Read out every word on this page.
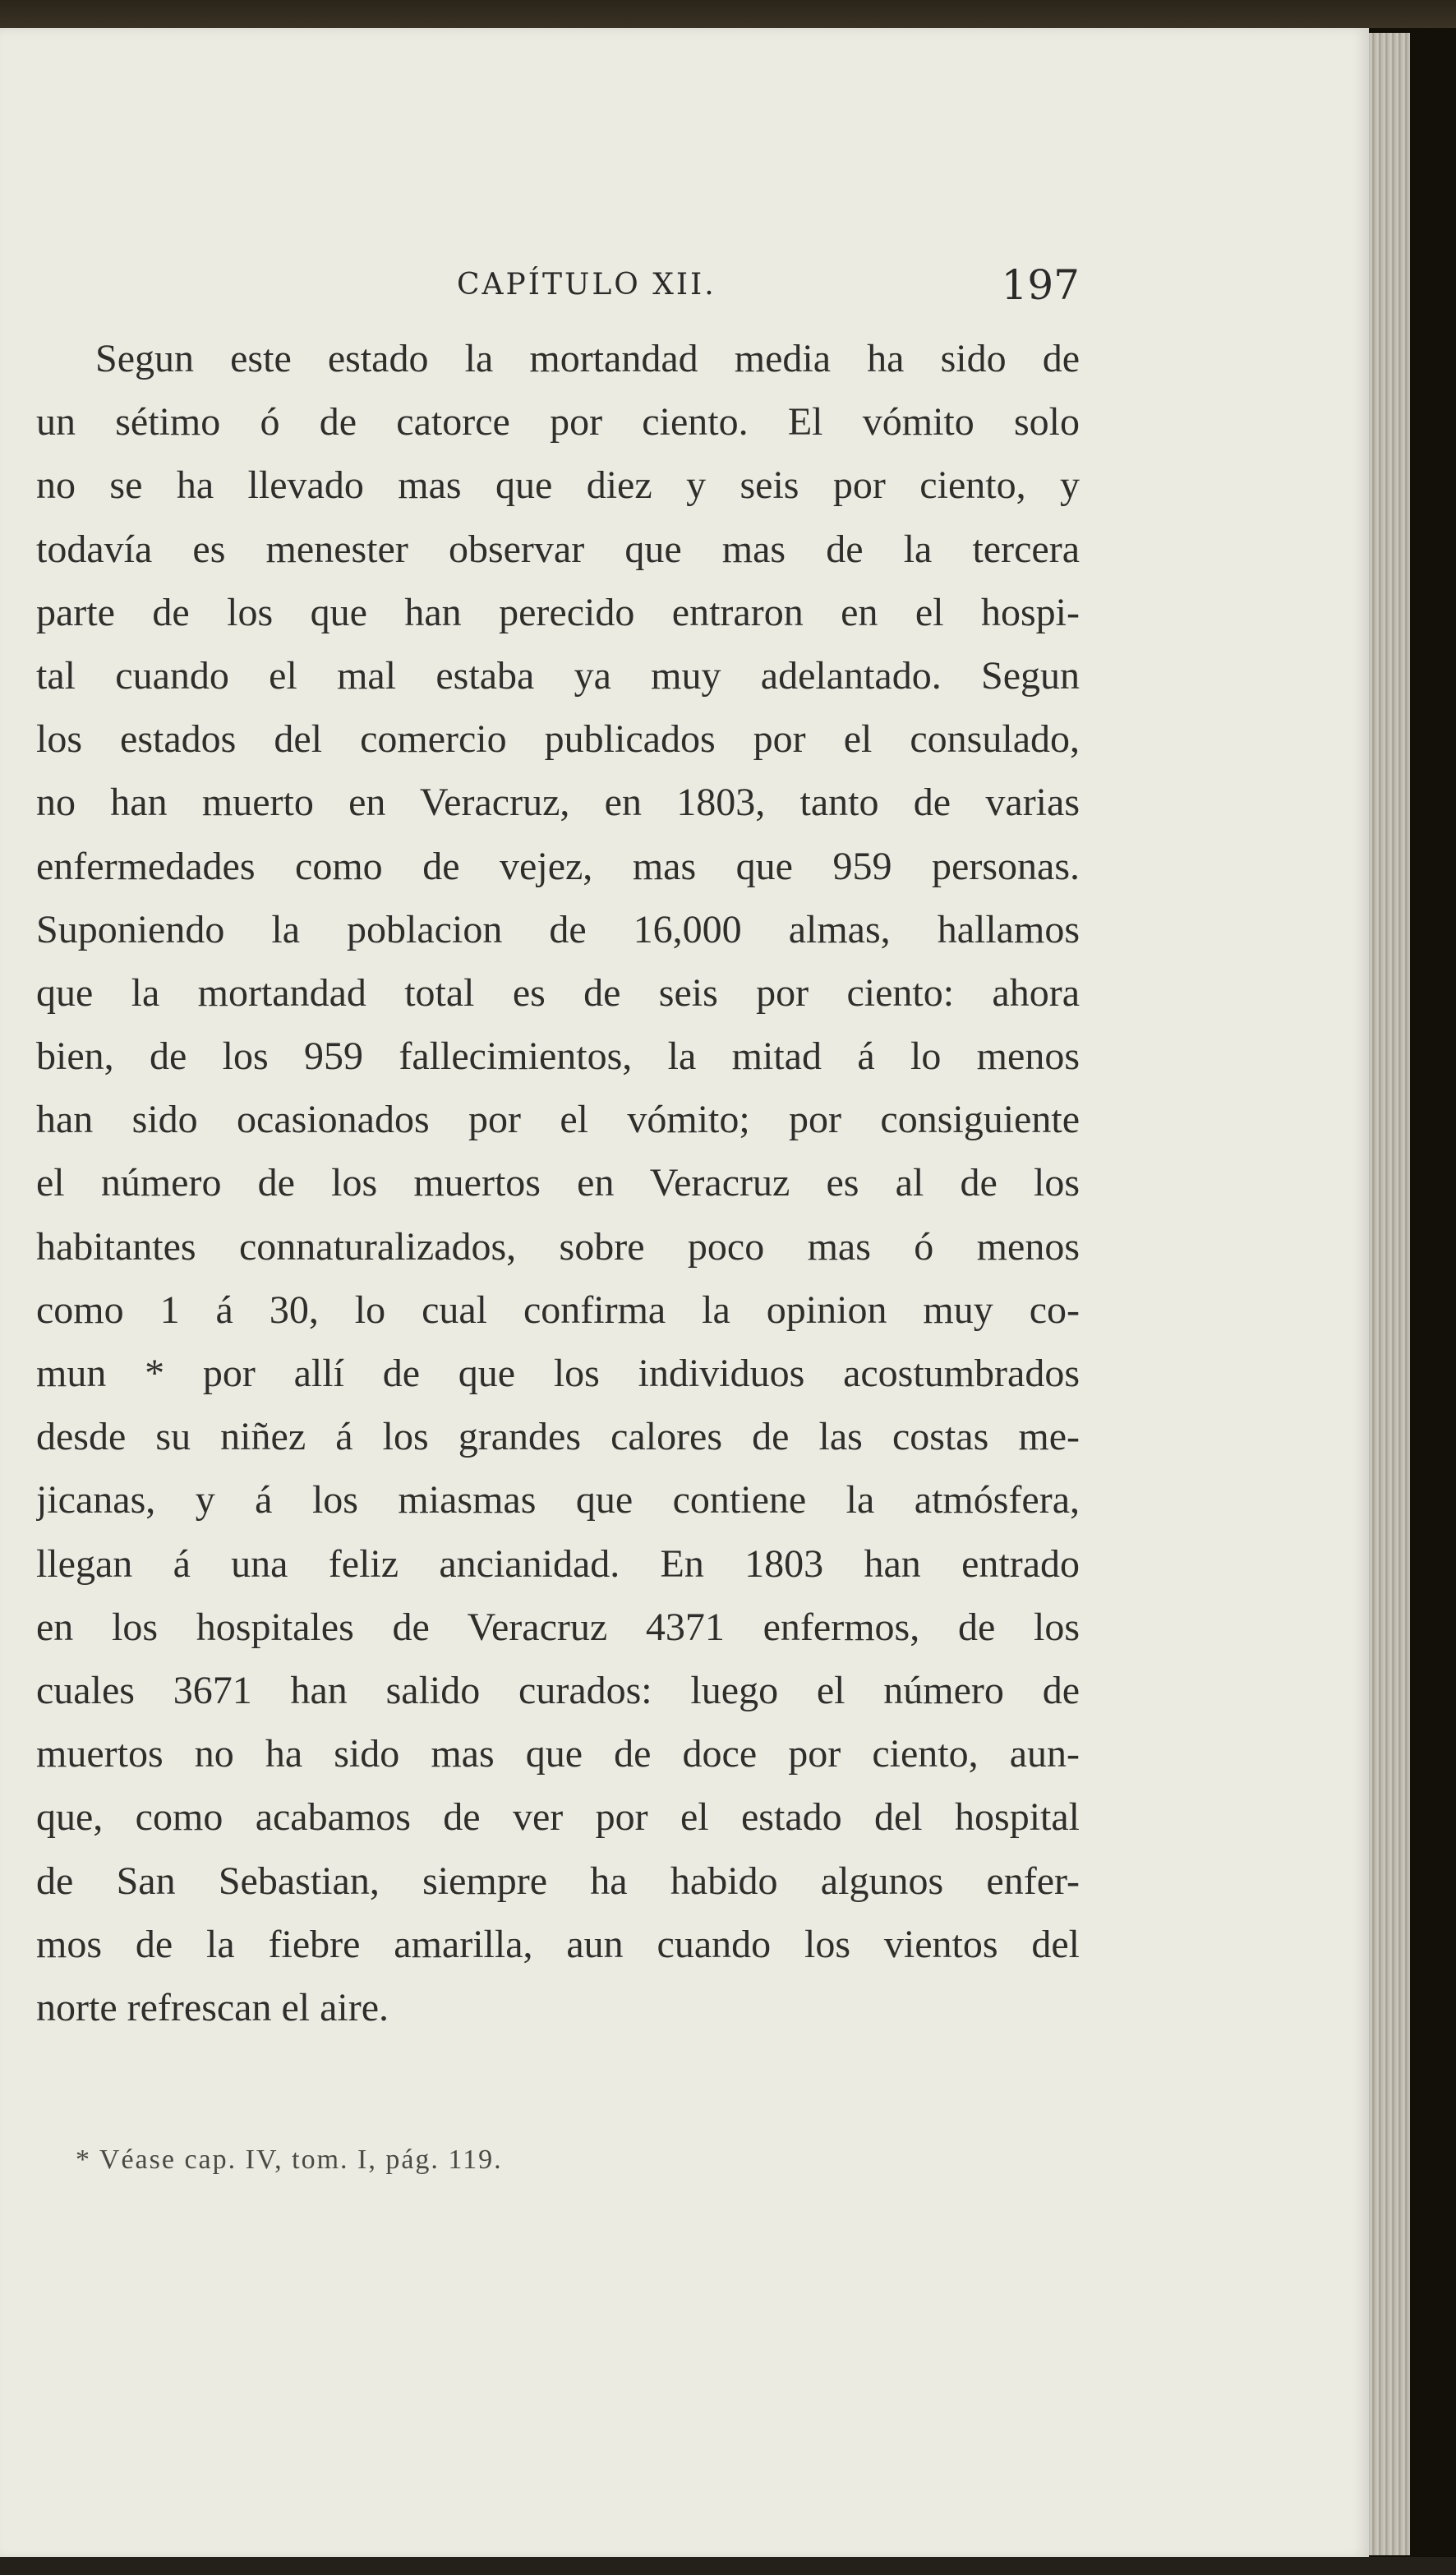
CAPÍTULO XII.	197
Segun este estado la mortandad media ha sido de
un sétimo ó de catorce por ciento. El vómito solo
no se ha llevado mas que diez y seis por ciento, y
todavía es menester observar que mas de la tercera
parte de los que han perecido entraron en el hospi-
tal cuando el mal estaba ya muy adelantado. Segun
los estados del comercio publicados por el consulado,
no han muerto en Veracruz, en 1803, tanto de varias
enfermedades como de vejez, mas que 959 personas.
Suponiendo la poblacion de 16,000 almas, hallamos
que la mortandad total es de seis por ciento: ahora
bien, de los 959 fallecimientos, la mitad á lo menos
han sido ocasionados por el vómito; por consiguiente
el número de los muertos en Veracruz es al de los
habitantes connaturalizados, sobre poco mas ó menos
como 1 á 30, lo cual confirma la opinion muy co-
mun * por allí de que los individuos acostumbrados
desde su niñez á los grandes calores de las costas me-
jicanas, y á los miasmas que contiene la atmósfera,
llegan á una feliz ancianidad. En 1803 han entrado
en los hospitales de Veracruz 4371 enfermos, de los
cuales 3671 han salido curados: luego el número de
muertos no ha sido mas que de doce por ciento, aun-
que, como acabamos de ver por el estado del hospital
de San Sebastian, siempre ha habido algunos enfer-
mos de la fiebre amarilla, aun cuando los vientos del
norte refrescan el aire.
* Véase cap. IV, tom. I, pág. 119.
